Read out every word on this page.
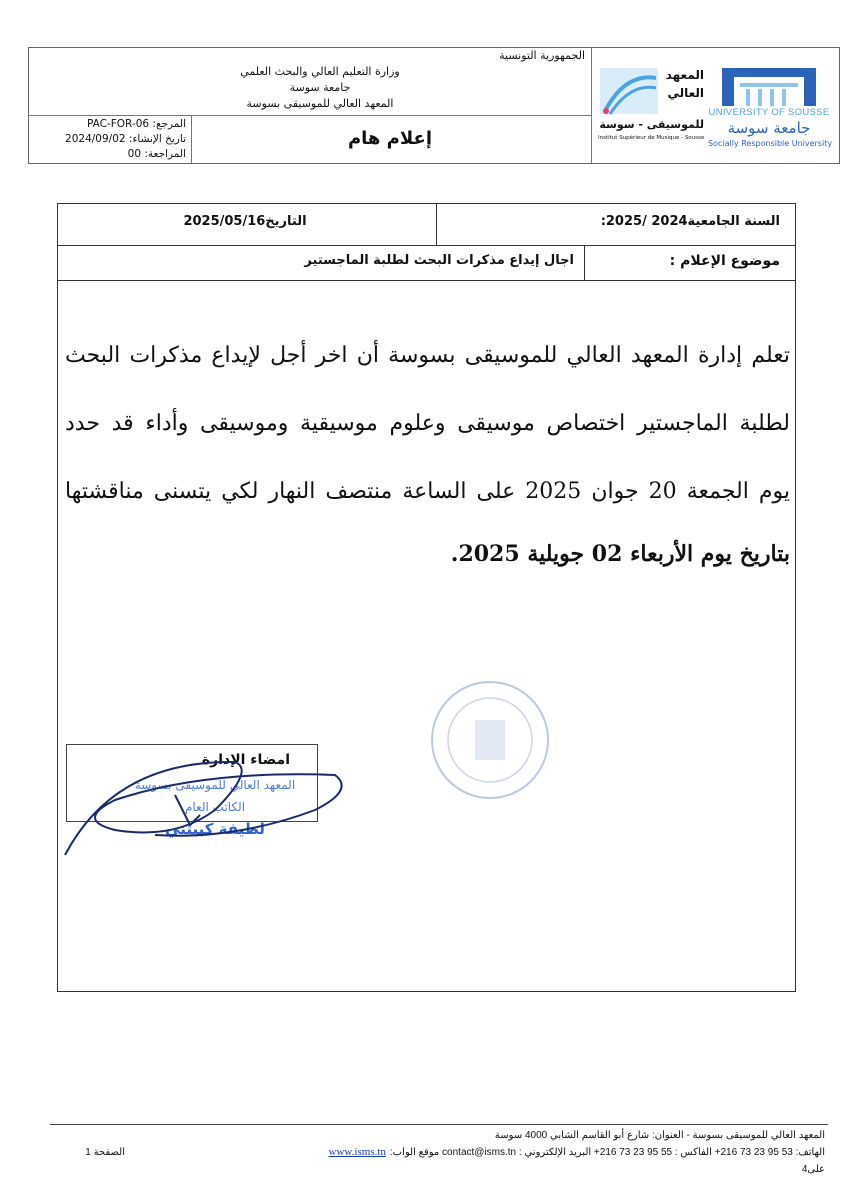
الجمهورية التونسية
وزارة التعليم العالي والبحث العلمي
جامعة سوسة
المعهد العالي للموسيقى بسوسة
إعلام هام
المرجع: PAC-FOR-06
تاريخ الإنشاء: 2024/09/02
المراجعة: 00
UNIVERSITY OF SOUSSE
جامعة سوسة
Socially Responsible University
المعهد
العالي
للموسيقى - سوسة
Institut Supérieur de Musique - Sousse
السنة الجامعية2024 /2025:
التاريخ2025/05/16
موضوع الإعلام :
اجال إيداع مذكرات البحث لطلبة الماجستير
تعلم إدارة المعهد العالي للموسيقى بسوسة أن اخر أجل لإيداع مذكرات البحث
لطلبة الماجستير اختصاص موسيقى وعلوم موسيقية وموسيقى وأداء قد حدد
يوم الجمعة 20 جوان 2025 على الساعة منتصف النهار لكي يتسنى مناقشتها
بتاريخ يوم الأربعاء 02 جويلية 2025.
امضاء الإدارة
المعهد العالي للموسيقى بسوسة
الكاتب العام
لطيفة كبيتني
المعهد العالي للموسيقى بسوسة - العنوان: شارع أبو القاسم الشابي 4000 سوسة
الهاتف: 53 95 23 73 216+ الفاكس : 55 95 23 73 216+ البريد الإلكتروني : contact@isms.tn موقع الواب:
www.isms.tn
الصفحة 1
على4
